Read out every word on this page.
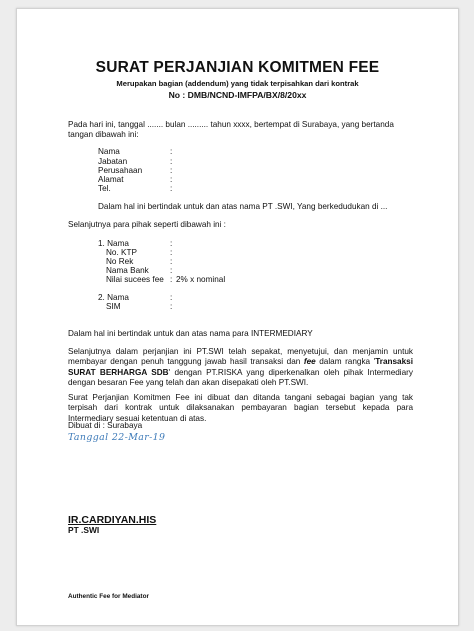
SURAT PERJANJIAN KOMITMEN FEE
Merupakan bagian (addendum) yang tidak terpisahkan dari kontrak
No : DMB/NCND-IMFPA/BX/8/20xx
Pada hari ini, tanggal ....... bulan ......... tahun xxxx, bertempat di Surabaya, yang bertanda tangan dibawah ini:
Nama	:
Jabatan	:
Perusahaan	:
Alamat	:
Tel.	:
Dalam hal ini bertindak untuk dan atas nama PT .SWI, Yang berkedudukan di ...
Selanjutnya para pihak seperti dibawah ini :
1. Nama	:
No. KTP	:
No Rek	:
Nama Bank	:
Nilai sucees fee : 2% x nominal
2. Nama	:
SIM	:
Dalam hal ini bertindak untuk dan atas nama para INTERMEDIARY
Selanjutnya dalam perjanjian ini PT.SWI telah sepakat, menyetujui, dan menjamin untuk membayar dengan penuh tanggung jawab hasil transaksi dan fee dalam rangka 'Transaksi SURAT BERHARGA SDB' dengan PT.RISKA yang diperkenalkan oleh pihak Intermediary dengan besaran Fee yang telah dan akan disepakati oleh PT.SWI.
Surat Perjanjian Komitmen Fee ini dibuat dan ditanda tangani sebagai bagian yang tak terpisah dari kontrak untuk dilaksanakan pembayaran bagian tersebut kepada para Intermediary sesuai ketentuan di atas.
Dibuat di : Surabaya
Tanggal 22-Mar-19
IR.CARDIYAN.HIS
PT .SWI
Authentic Fee for Mediator
